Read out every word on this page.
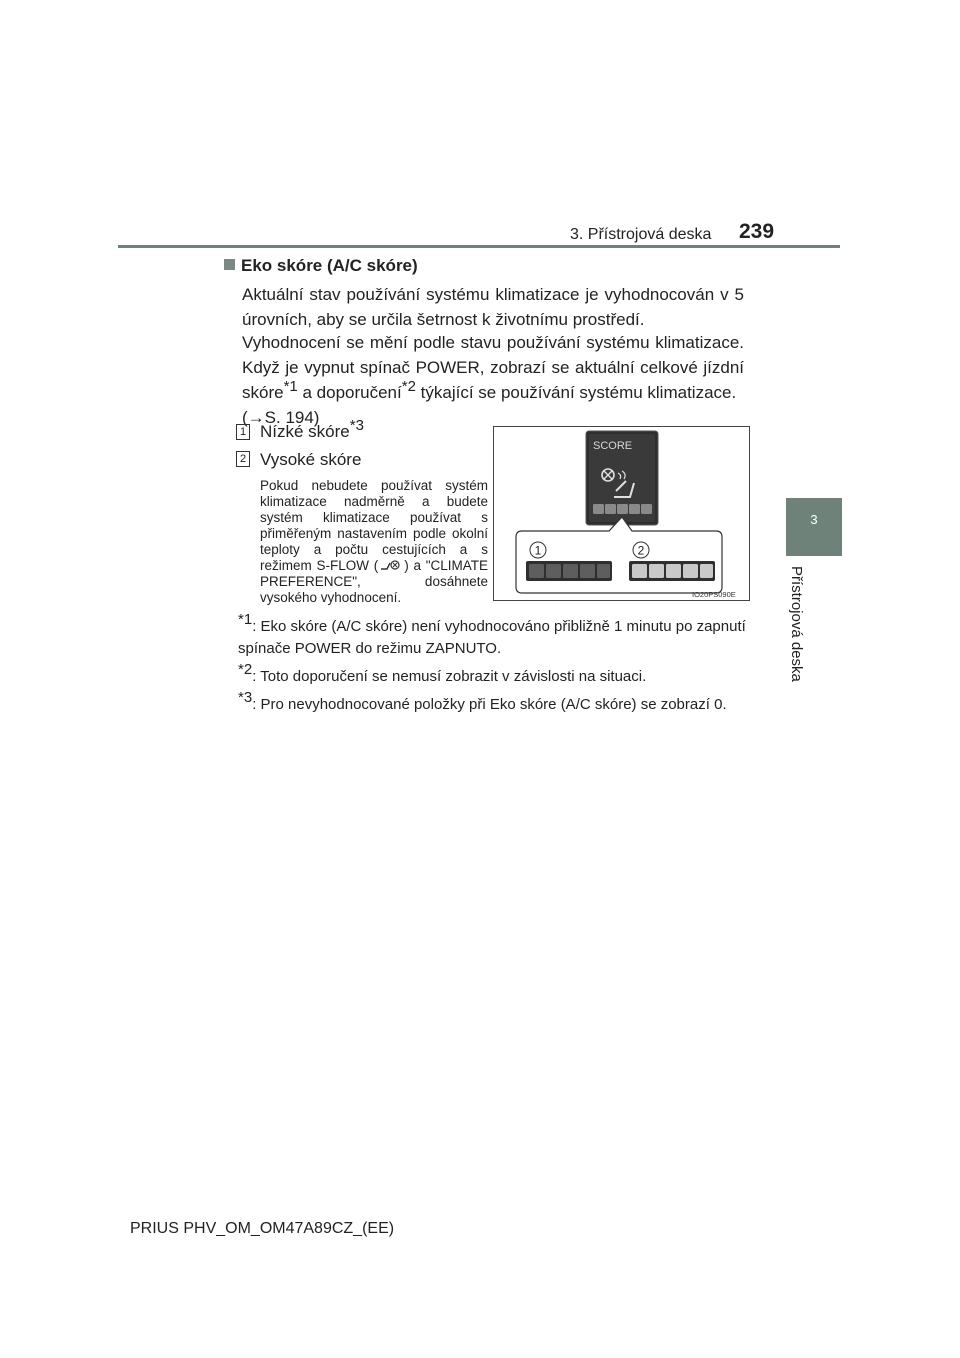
3. Přístrojová deska 239
3
Přístrojová deska
Eko skóre (A/C skóre)

Aktuální stav používání systému klimatizace je vyhodnocován v 5 úrovních, aby se určila šetrnost k životnímu prostředí.

Vyhodnocení se mění podle stavu používání systému klimatizace. Když je vypnut spínač POWER, zobrazí se aktuální celkové jízdní skóre$^{*1}$ a doporučení$^{*2}$ týkající se používání systému klimatizace.
(→S. 194)

1 Nízké skóre$^{*3}$
2 Vysoké skóre

Pokud nebudete používat systém klimatizace nadměrně a budete systém klimatizace používat s přiměřeným nastavením podle okolní teploty a počtu cestujících a s režimem S-FLOW ( ) a "CLIMATE PREFERENCE", dosáhnete vysokého vyhodnocení.

SCORE
1	2
IO20PS090E
$^{*1}$: Eko skóre (A/C skóre) není vyhodnocováno přibližně 1 minutu po zapnutí spínače POWER do režimu ZAPNUTO.
$^{*2}$: Toto doporučení se nemusí zobrazit v závislosti na situaci.
$^{*3}$: Pro nevyhodnocované položky při Eko skóre (A/C skóre) se zobrazí 0.
PRIUS PHV_OM_OM47A89CZ_(EE)
